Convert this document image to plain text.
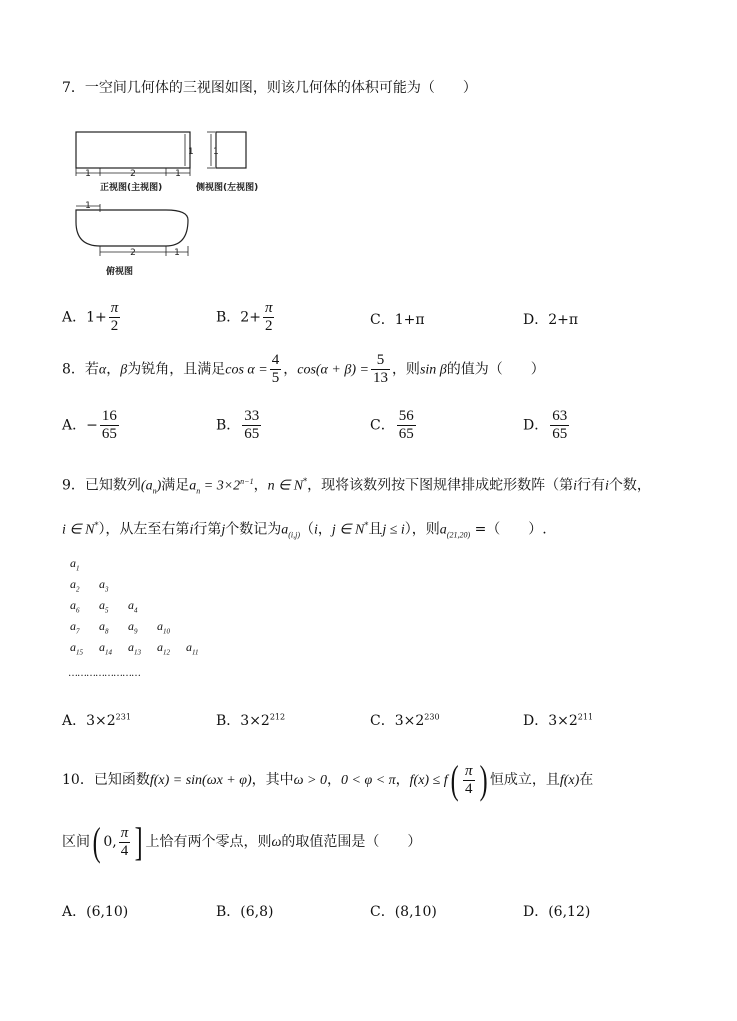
7．一空间几何体的三视图如图，则该几何体的体积可能为（　　）
1	2	1
1
正视图(主视图)
1
侧视图(左视图)
1
2	1
俯视图
A．$1+ \frac{\pi}{2}$	B．$2+ \frac{\pi}{2}$	C．1+π	D．2+π
8．若α，β为锐角，且满足$\cos \alpha = \frac{4}{5}$ ，$\cos(\alpha + \beta) = \frac{5}{13}$ ，则sin β的值为（　　）
A．− $\frac{16}{65}$	B． $\frac{33}{65}$	C． $\frac{56}{65}$	D． $\frac{63}{65}$
9．已知数列$(a_n)$满足$a_n = 3\times 2^{n-1}$，n ∈ N*，现将该数列按下图规律排成蛇形数阵（第i行有i个数，
i ∈ N*），从左至右第i行第j个数记为$a_{(i,j)}(i$，j ∈ N*且j ≤ i），则$a_{(21,20)}$ =（　　）.
$a_1$
$a_2$ $a_3$
$a_6$ $a_5$ $a_4$
$a_7$ $a_8$ $a_9$ $a_{10}$
$a_{15}$ $a_{14}$ $a_{13}$ $a_{12}$ $a_{11}$
……………………
A．$3\times 2^{231}$	B．$3\times 2^{212}$	C．$3\times 2^{230}$	D．$3\times 2^{211}$
10．已知函数f(x) = sin(ωx + φ)，其中ω > 0，0 < φ < π，$f(x) \le f( \frac{\pi}{4}$ ) 恒成立，且f(x)在
区间( 0, $\frac{\pi}{4}$ ] 上恰有两个零点，则ω的取值范围是（　　）
A．(6,10)	B．(6,8)	C．(8,10)	D．(6,12)
